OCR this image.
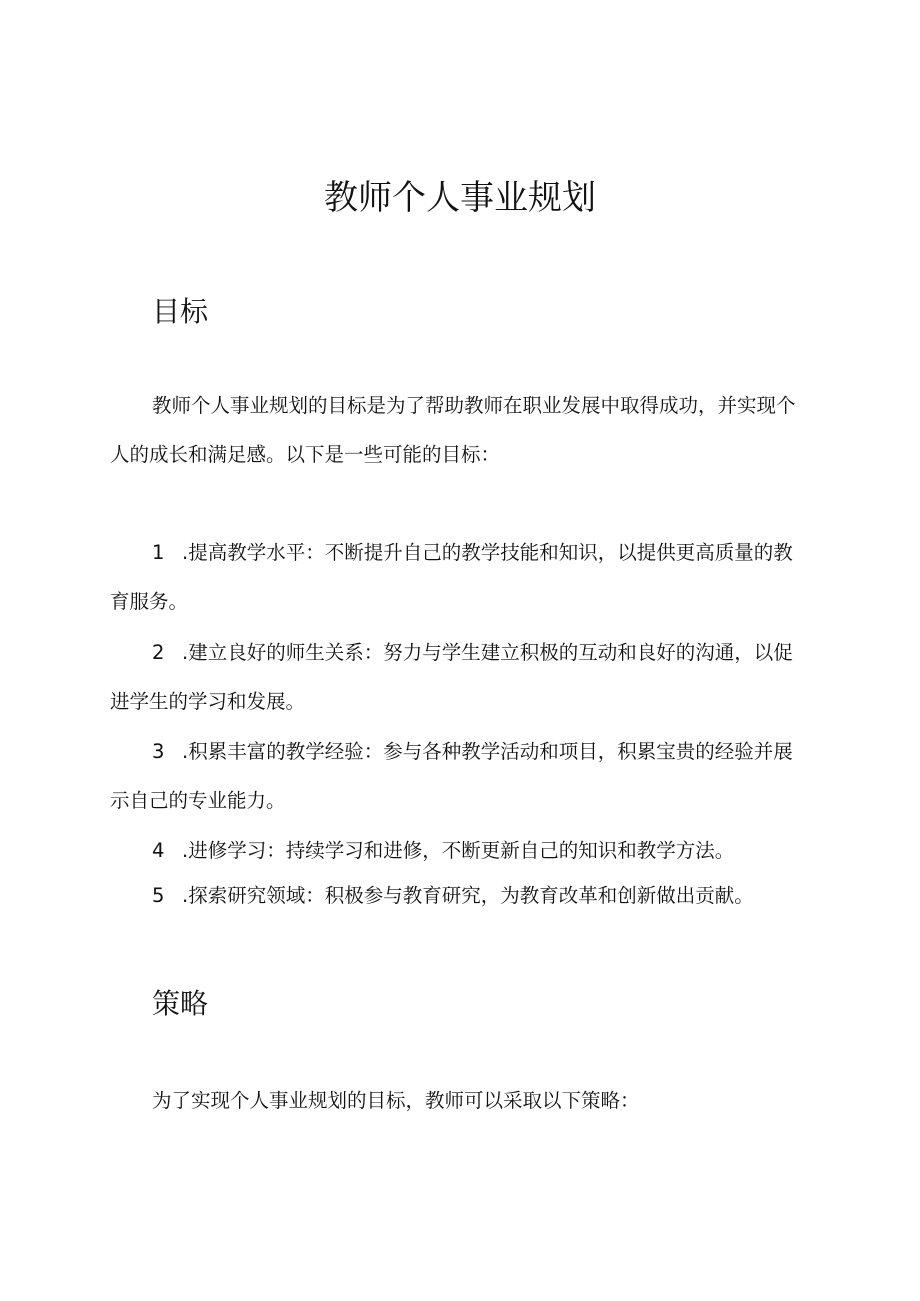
教师个人事业规划
目标

教师个人事业规划的目标是为了帮助教师在职业发展中取得成功，并实现个人的成长和满足感。以下是一些可能的目标：

1 .提高教学水平：不断提升自己的教学技能和知识，以提供更高质量的教育服务。

2 .建立良好的师生关系：努力与学生建立积极的互动和良好的沟通，以促进学生的学习和发展。

3 .积累丰富的教学经验：参与各种教学活动和项目，积累宝贵的经验并展示自己的专业能力。

4 .进修学习：持续学习和进修，不断更新自己的知识和教学方法。

5 .探索研究领域：积极参与教育研究，为教育改革和创新做出贡献。

策略

为了实现个人事业规划的目标，教师可以采取以下策略：
